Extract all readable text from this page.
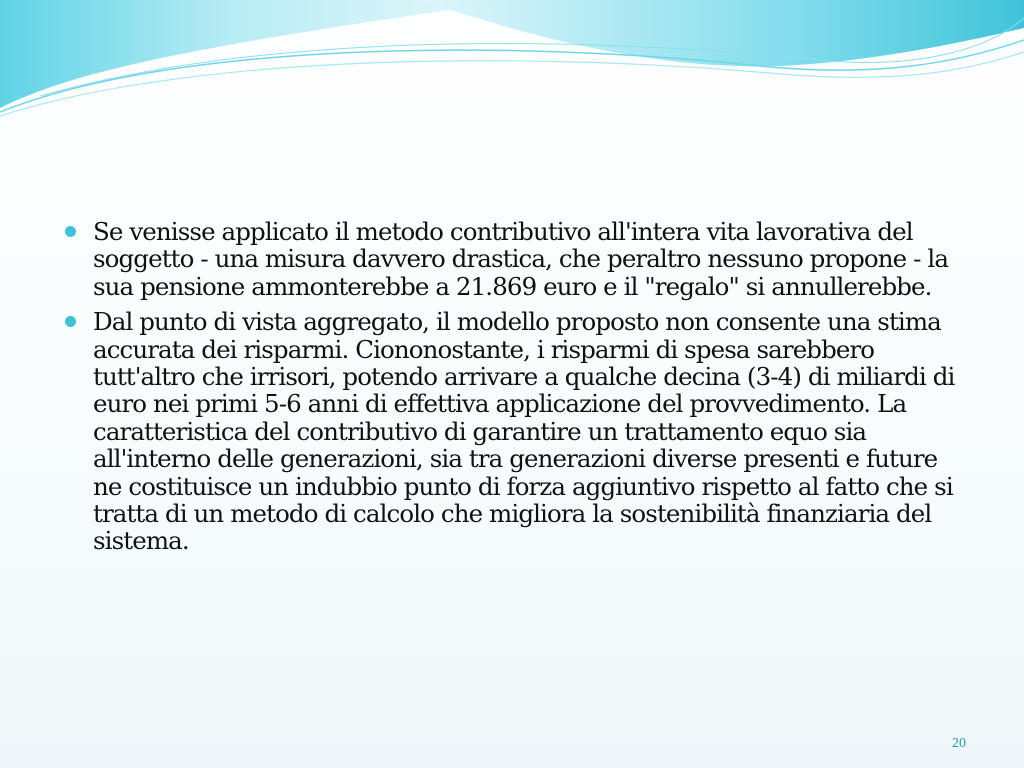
Se venisse applicato il metodo contributivo all'intera vita lavorativa del soggetto - una misura davvero drastica, che peraltro nessuno propone - la sua pensione ammonterebbe a 21.869 euro e il "regalo" si annullerebbe.
Dal punto di vista aggregato, il modello proposto non consente una stima accurata dei risparmi. Ciononostante, i risparmi di spesa sarebbero tutt'altro che irrisori, potendo arrivare a qualche decina (3-4) di miliardi di euro nei primi 5-6 anni di effettiva applicazione del provvedimento. La caratteristica del contributivo di garantire un trattamento equo sia all'interno delle generazioni, sia tra generazioni diverse presenti e future ne costituisce un indubbio punto di forza aggiuntivo rispetto al fatto che si tratta di un metodo di calcolo che migliora la sostenibilità finanziaria del sistema.
20
